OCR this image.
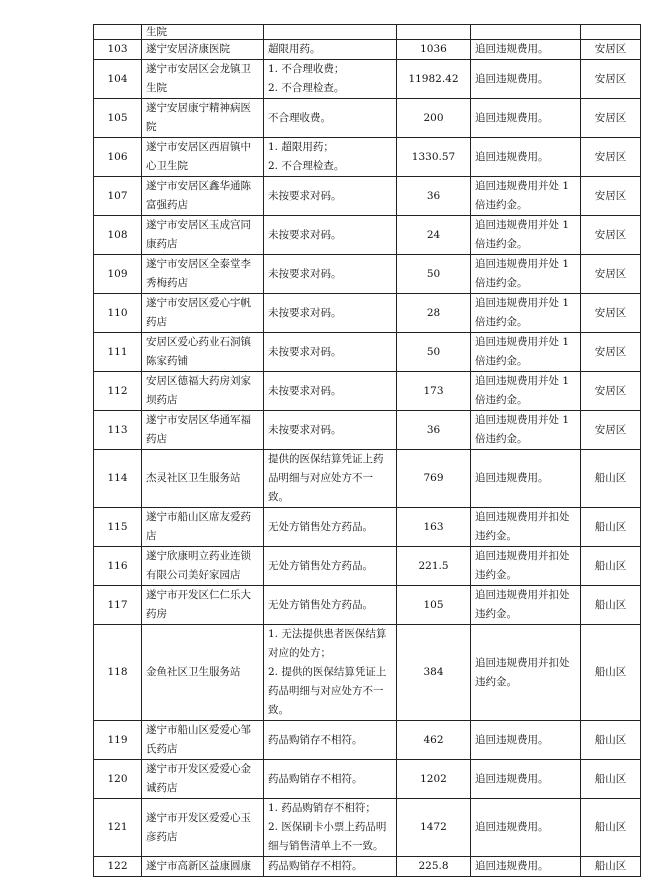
	生院				
103	遂宁安居济康医院	超限用药。	1036	追回违规费用。	安居区
104	遂宁市安居区会龙镇卫生院	1. 不合理收费；
2. 不合理检查。	11982.42	追回违规费用。	安居区
105	遂宁安居康宁精神病医院	不合理收费。	200	追回违规费用。	安居区
106	遂宁市安居区西眉镇中心卫生院	1. 超限用药；
2. 不合理检查。	1330.57	追回违规费用。	安居区
107	遂宁市安居区鑫华通陈富强药店	未按要求对码。	36	追回违规费用并处 1倍违约金。	安居区
108	遂宁市安居区玉成宫同康药店	未按要求对码。	24	追回违规费用并处 1倍违约金。	安居区
109	遂宁市安居区全泰堂李秀梅药店	未按要求对码。	50	追回违规费用并处 1倍违约金。	安居区
110	遂宁市安居区爱心宇帆药店	未按要求对码。	28	追回违规费用并处 1倍违约金。	安居区
111	安居区爱心药业石洞镇陈家药铺	未按要求对码。	50	追回违规费用并处 1倍违约金。	安居区
112	安居区德福大药房刘家坝药店	未按要求对码。	173	追回违规费用并处 1倍违约金。	安居区
113	遂宁市安居区华通军福药店	未按要求对码。	36	追回违规费用并处 1倍违约金。	安居区
114	杰灵社区卫生服务站	提供的医保结算凭证上药品明细与对应处方不一致。	769	追回违规费用。	船山区
115	遂宁市船山区席友爱药店	无处方销售处方药品。	163	追回违规费用并扣处违约金。	船山区
116	遂宁欣康明立药业连锁有限公司美好家园店	无处方销售处方药品。	221.5	追回违规费用并扣处违约金。	船山区
117	遂宁市开发区仁仁乐大药房	无处方销售处方药品。	105	追回违规费用并扣处违约金。	船山区
118	金鱼社区卫生服务站	1. 无法提供患者医保结算对应的处方；
2. 提供的医保结算凭证上药品明细与对应处方不一致。	384	追回违规费用并扣处违约金。	船山区
119	遂宁市船山区爱爱心邹氏药店	药品购销存不相符。	462	追回违规费用。	船山区
120	遂宁市开发区爱爱心金诚药店	药品购销存不相符。	1202	追回违规费用。	船山区
121	遂宁市开发区爱爱心玉彦药店	1. 药品购销存不相符；
2. 医保刷卡小票上药品明细与销售清单上不一致。	1472	追回违规费用。	船山区
122	遂宁市高新区益康圆康	药品购销存不相符。	225.8	追回违规费用。	船山区
